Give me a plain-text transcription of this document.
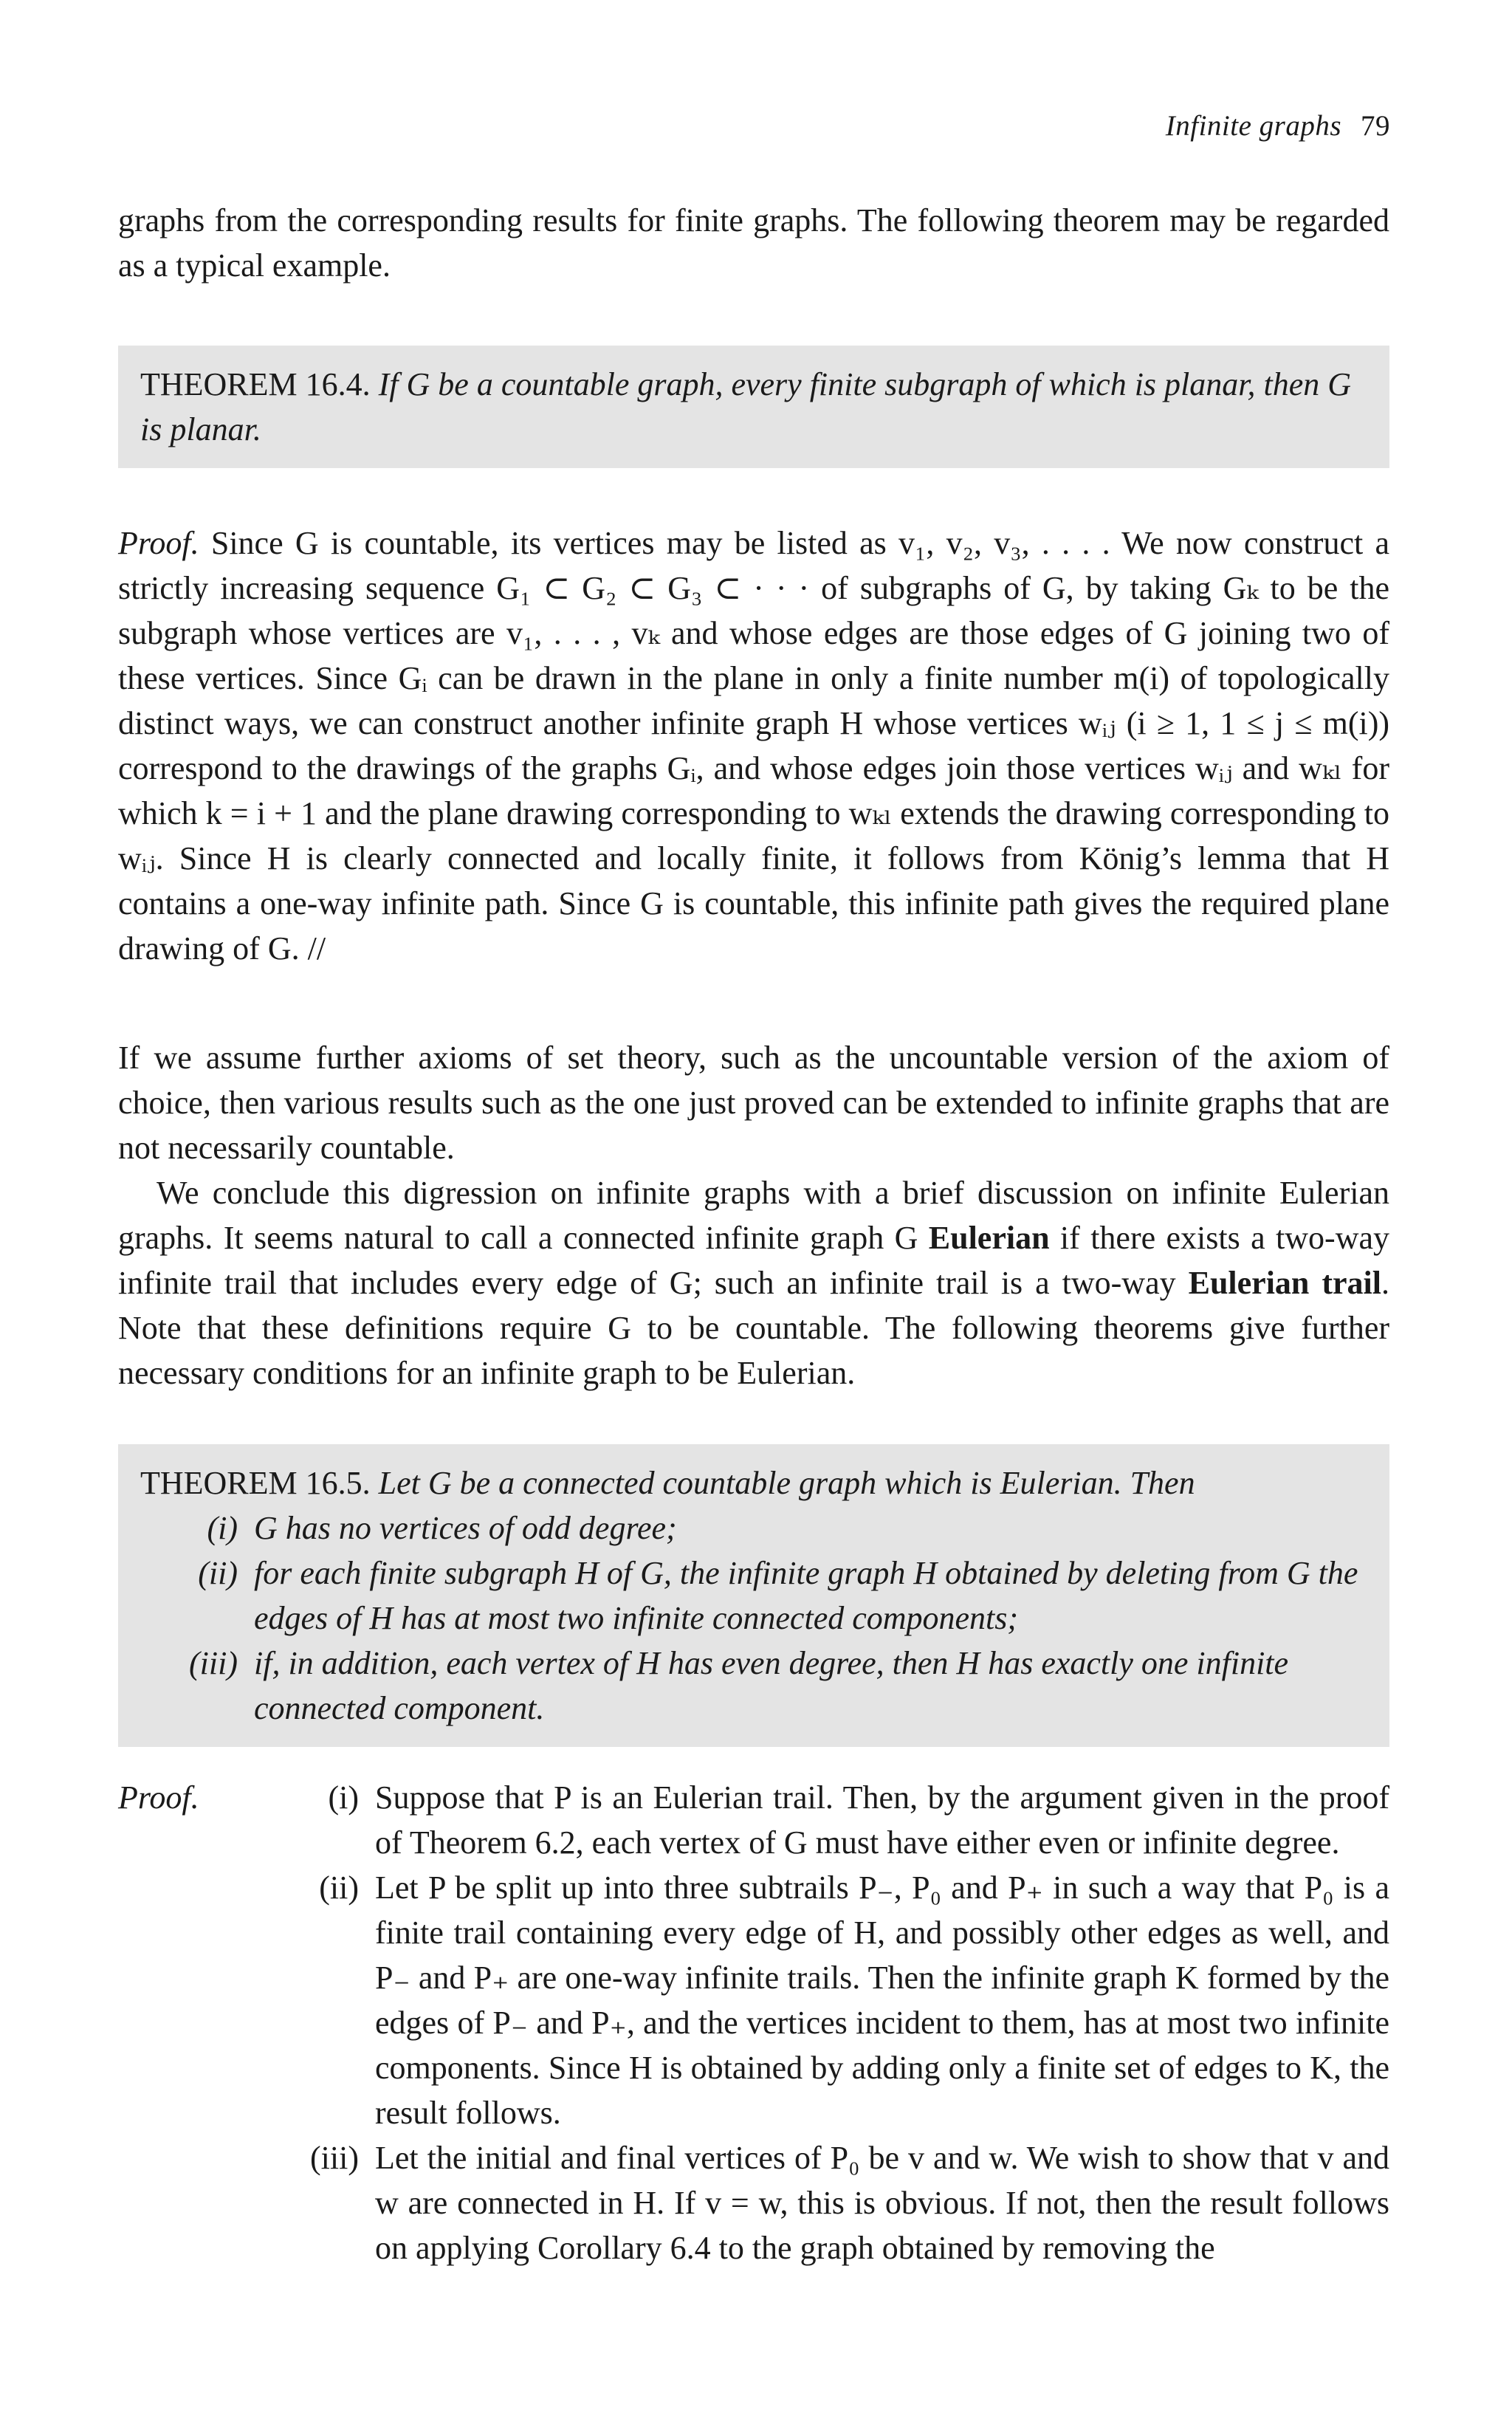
Infinite graphs 79

graphs from the corresponding results for finite graphs. The following theorem may be regarded as a typical example.

THEOREM 16.4. If G be a countable graph, every finite subgraph of which is planar, then G is planar.

Proof. Since G is countable, its vertices may be listed as v₁, v₂, v₃, . . . . We now construct a strictly increasing sequence G₁ ⊂ G₂ ⊂ G₃ ⊂ · · · of subgraphs of G, by taking Gₖ to be the subgraph whose vertices are v₁, . . . , vₖ and whose edges are those edges of G joining two of these vertices. Since Gᵢ can be drawn in the plane in only a finite number m(i) of topologically distinct ways, we can construct another infinite graph H whose vertices wᵢⱼ (i ≥ 1, 1 ≤ j ≤ m(i)) correspond to the drawings of the graphs Gᵢ, and whose edges join those vertices wᵢⱼ and wₖₗ for which k = i + 1 and the plane drawing corresponding to wₖₗ extends the drawing corresponding to wᵢⱼ. Since H is clearly connected and locally finite, it follows from König’s lemma that H contains a one-way infinite path. Since G is countable, this infinite path gives the required plane drawing of G. //

If we assume further axioms of set theory, such as the uncountable version of the axiom of choice, then various results such as the one just proved can be extended to infinite graphs that are not necessarily countable.

We conclude this digression on infinite graphs with a brief discussion on infinite Eulerian graphs. It seems natural to call a connected infinite graph G Eulerian if there exists a two-way infinite trail that includes every edge of G; such an infinite trail is a two-way Eulerian trail. Note that these definitions require G to be countable. The following theorems give further necessary conditions for an infinite graph to be Eulerian.

THEOREM 16.5. Let G be a connected countable graph which is Eulerian. Then
(i) G has no vertices of odd degree;
(ii) for each finite subgraph H of G, the infinite graph H obtained by deleting from G the edges of H has at most two infinite connected components;
(iii) if, in addition, each vertex of H has even degree, then H has exactly one infinite connected component.
Proof.	(i) Suppose that P is an Eulerian trail. Then, by the argument given in the proof of Theorem 6.2, each vertex of G must have either even or infinite degree.
(ii) Let P be split up into three subtrails P₋, P₀ and P₊ in such a way that P₀ is a finite trail containing every edge of H, and possibly other edges as well, and P₋ and P₊ are one-way infinite trails. Then the infinite graph K formed by the edges of P₋ and P₊, and the vertices incident to them, has at most two infinite components. Since H is obtained by adding only a finite set of edges to K, the result follows.
(iii) Let the initial and final vertices of P₀ be v and w. We wish to show that v and w are connected in H. If v = w, this is obvious. If not, then the result follows on applying Corollary 6.4 to the graph obtained by removing the
